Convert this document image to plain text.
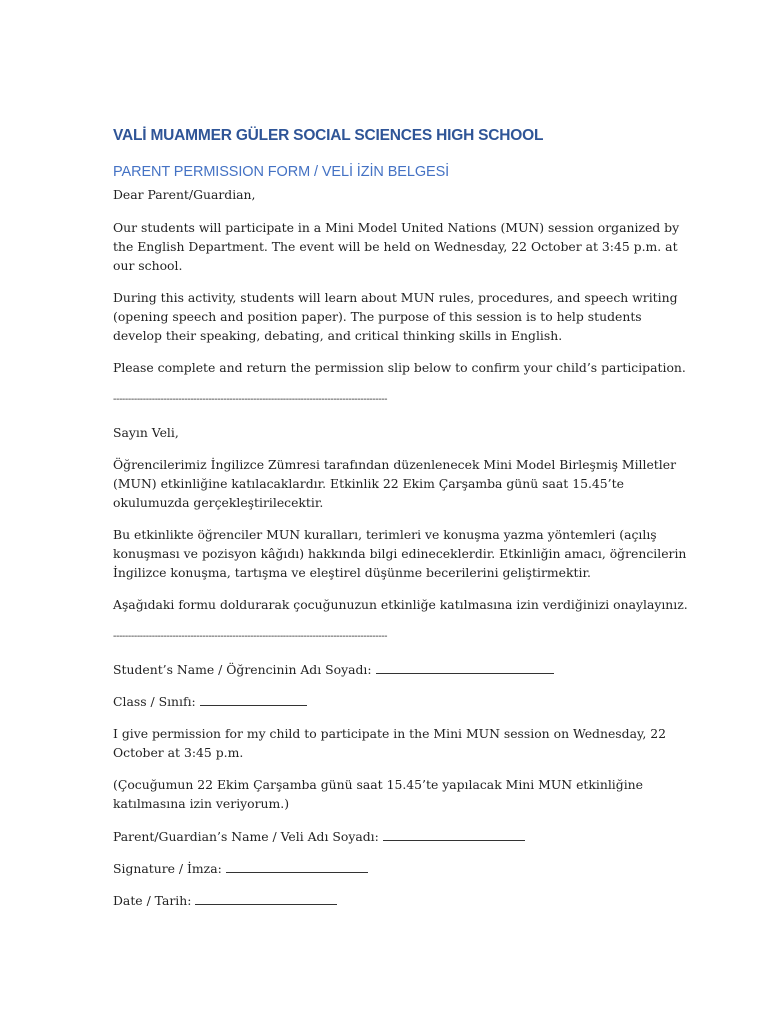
VALİ MUAMMER GÜLER SOCIAL SCIENCES HIGH SCHOOL
PARENT PERMISSION FORM / VELİ İZİN BELGESİ
Dear Parent/Guardian,
Our students will participate in a Mini Model United Nations (MUN) session organized by
the English Department. The event will be held on Wednesday, 22 October at 3:45 p.m. at
our school.
During this activity, students will learn about MUN rules, procedures, and speech writing
(opening speech and position paper). The purpose of this session is to help students
develop their speaking, debating, and critical thinking skills in English.
Please complete and return the permission slip below to confirm your child’s participation.
--------------------------------------------------------------------------------------------
Sayın Veli,
Öğrencilerimiz İngilizce Zümresi tarafından düzenlenecek Mini Model Birleşmiş Milletler
(MUN) etkinliğine katılacaklardır. Etkinlik 22 Ekim Çarşamba günü saat 15.45’te
okulumuzda gerçekleştirilecektir.
Bu etkinlikte öğrenciler MUN kuralları, terimleri ve konuşma yazma yöntemleri (açılış
konuşması ve pozisyon kâğıdı) hakkında bilgi edineceklerdir. Etkinliğin amacı, öğrencilerin
İngilizce konuşma, tartışma ve eleştirel düşünme becerilerini geliştirmektir.
Aşağıdaki formu doldurarak çocuğunuzun etkinliğe katılmasına izin verdiğinizi onaylayınız.
--------------------------------------------------------------------------------------------
Student’s Name / Öğrencinin Adı Soyadı:
Class / Sınıfı:
I give permission for my child to participate in the Mini MUN session on Wednesday, 22
October at 3:45 p.m.
(Çocuğumun 22 Ekim Çarşamba günü saat 15.45’te yapılacak Mini MUN etkinliğine
katılmasına izin veriyorum.)
Parent/Guardian’s Name / Veli Adı Soyadı:
Signature / İmza:
Date / Tarih:
